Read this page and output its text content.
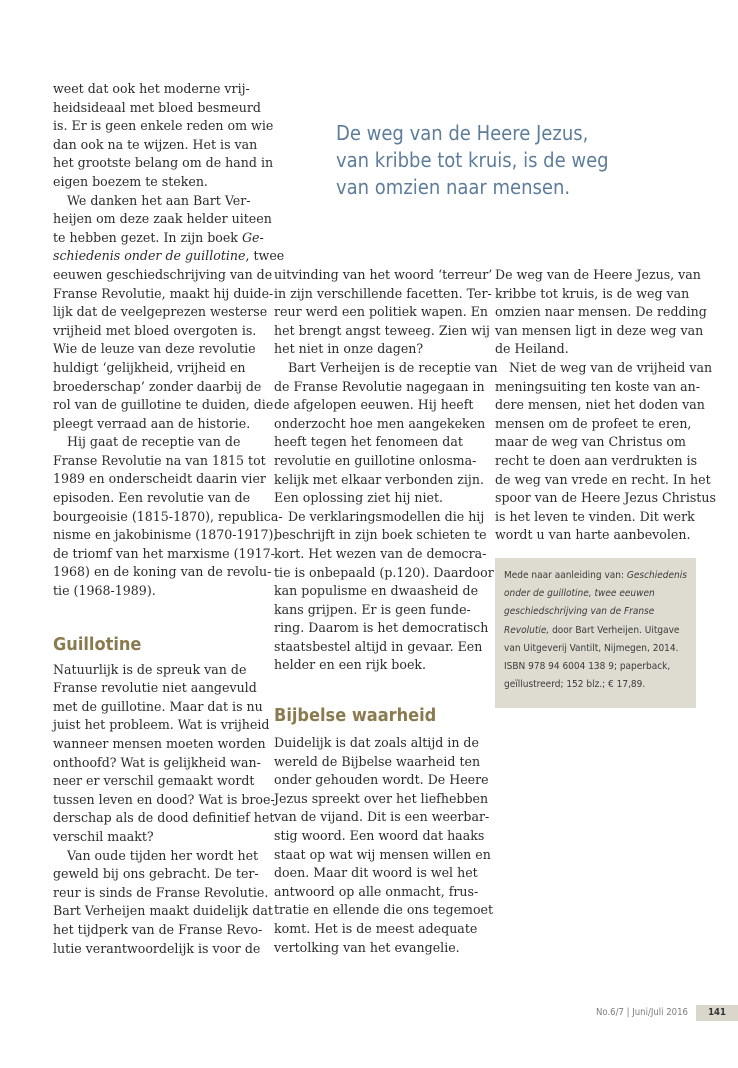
weet dat ook het moderne vrij-
heidsideaal met bloed besmeurd
is. Er is geen enkele reden om wie
dan ook na te wijzen. Het is van
het grootste belang om de hand in
eigen boezem te steken.

We danken het aan Bart Ver-
heijen om deze zaak helder uiteen
te hebben gezet. In zijn boek Ge-
schiedenis onder de guillotine, twee
eeuwen geschiedschrijving van de
Franse Revolutie, maakt hij duide-
lijk dat de veelgeprezen westerse
vrijheid met bloed overgoten is.
Wie de leuze van deze revolutie
huldigt ‘gelijkheid, vrijheid en
broederschap’ zonder daarbij de
rol van de guillotine te duiden, die
pleegt verraad aan de historie.

Hij gaat de receptie van de
Franse Revolutie na van 1815 tot
1989 en onderscheidt daarin vier
episoden. Een revolutie van de
bourgeoisie (1815-1870), republica-
nisme en jakobinisme (1870-1917),
de triomf van het marxisme (1917-
1968) en de koning van de revolu-
tie (1968-1989).

Guillotine

Natuurlijk is de spreuk van de
Franse revolutie niet aangevuld
met de guillotine. Maar dat is nu
juist het probleem. Wat is vrijheid
wanneer mensen moeten worden
onthoofd? Wat is gelijkheid wan-
neer er verschil gemaakt wordt
tussen leven en dood? Wat is broe-
derschap als de dood definitief het
verschil maakt?

Van oude tijden her wordt het
geweld bij ons gebracht. De ter-
reur is sinds de Franse Revolutie.
Bart Verheijen maakt duidelijk dat
het tijdperk van de Franse Revo-
lutie verantwoordelijk is voor de

De weg van de Heere Jezus,
van kribbe tot kruis, is de weg
van omzien naar mensen.

uitvinding van het woord ‘terreur’
in zijn verschillende facetten. Ter-
reur werd een politiek wapen. En
het brengt angst teweeg. Zien wij
het niet in onze dagen?

Bart Verheijen is de receptie van
de Franse Revolutie nagegaan in
de afgelopen eeuwen. Hij heeft
onderzocht hoe men aangekeken
heeft tegen het fenomeen dat
revolutie en guillotine onlosma-
kelijk met elkaar verbonden zijn.
Een oplossing ziet hij niet.

De verklaringsmodellen die hij
beschrijft in zijn boek schieten te
kort. Het wezen van de democra-
tie is onbepaald (p.120). Daardoor
kan populisme en dwaasheid de
kans grijpen. Er is geen funde-
ring. Daarom is het democratisch
staatsbestel altijd in gevaar. Een
helder en een rijk boek.

Bijbelse waarheid

Duidelijk is dat zoals altijd in de
wereld de Bijbelse waarheid ten
onder gehouden wordt. De Heere
Jezus spreekt over het liefhebben
van de vijand. Dit is een weerbar-
stig woord. Een woord dat haaks
staat op wat wij mensen willen en
doen. Maar dit woord is wel het
antwoord op alle onmacht, frus-
tratie en ellende die ons tegemoet
komt. Het is de meest adequate
vertolking van het evangelie.

De weg van de Heere Jezus, van
kribbe tot kruis, is de weg van
omzien naar mensen. De redding
van mensen ligt in deze weg van
de Heiland.

Niet de weg van de vrijheid van
meningsuiting ten koste van an-
dere mensen, niet het doden van
mensen om de profeet te eren,
maar de weg van Christus om
recht te doen aan verdrukten is
de weg van vrede en recht. In het
spoor van de Heere Jezus Christus
is het leven te vinden. Dit werk
wordt u van harte aanbevolen.

Mede naar aanleiding van: Geschiedenis
onder de guillotine, twee eeuwen
geschiedschrijving van de Franse
Revolutie, door Bart Verheijen. Uitgave
van Uitgeverij Vantilt, Nijmegen, 2014.
ISBN 978 94 6004 138 9; paperback,
geïllustreerd; 152 blz.; € 17,89.
No.6/7 | Juni/Juli 2016	141
